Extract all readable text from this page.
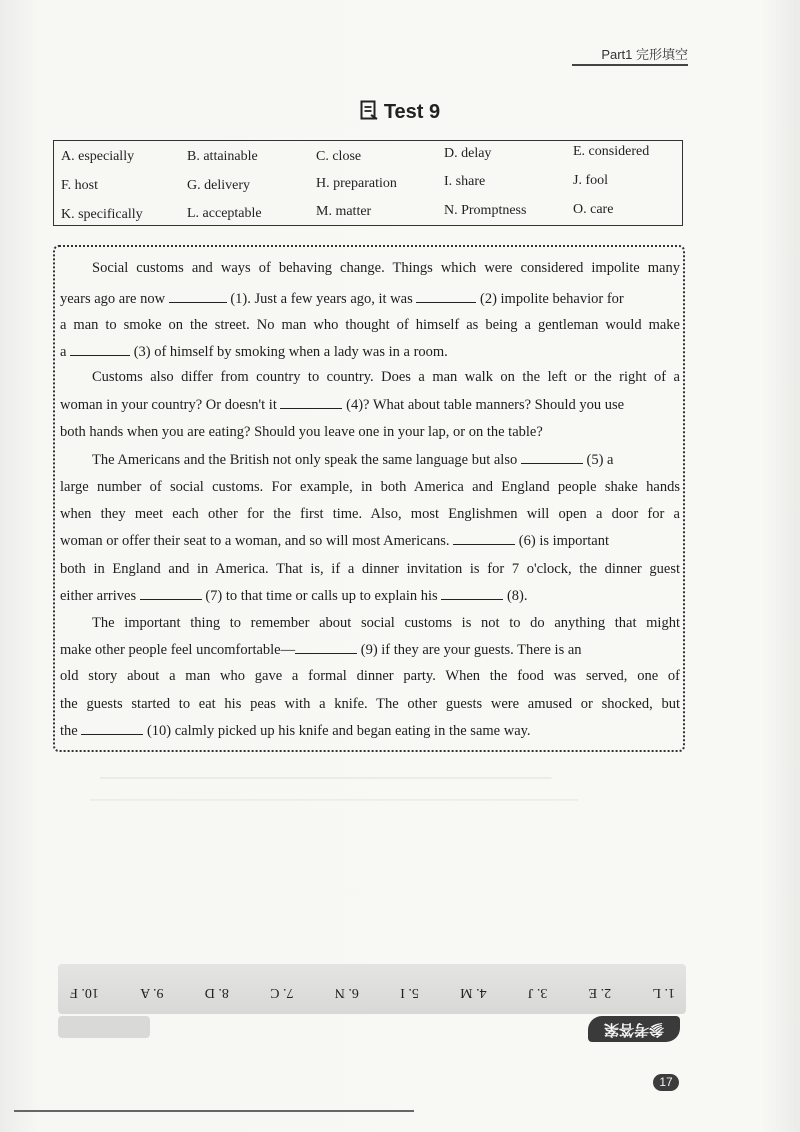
Part1 完形填空
Test 9
A. especially	B. attainable	C. close	D. delay	E. considered
F. host	G. delivery	H. preparation	I. share	J. fool
K. specifically	L. acceptable	M. matter	N. Promptness	O. care
Social customs and ways of behaving change. Things which were considered impolite many
years ago are now	(1). Just a few years ago, it was	(2) impolite behavior for
a man to smoke on the street. No man who thought of himself as being a gentleman would make
a	(3) of himself by smoking when a lady was in a room.
Customs also differ from country to country. Does a man walk on the left or the right of a
woman in your country? Or doesn't it	(4)? What about table manners? Should you use
both hands when you are eating? Should you leave one in your lap, or on the table?
The Americans and the British not only speak the same language but also	(5) a
large number of social customs. For example, in both America and England people shake hands
when they meet each other for the first time. Also, most Englishmen will open a door for a
woman or offer their seat to a woman, and so will most Americans.	(6) is important
both in England and in America. That is, if a dinner invitation is for 7 o'clock, the dinner guest
either arrives	(7) to that time or calls up to explain his	(8).
The important thing to remember about social customs is not to do anything that might
make other people feel uncomfortable—	(9) if they are your guests. There is an
old story about a man who gave a formal dinner party. When the food was served, one of
the guests started to eat his peas with a knife. The other guests were amused or shocked, but
the	(10) calmly picked up his knife and began eating in the same way.
─────────────────────────────────────────────────
─────────────────────────────────────────────────────
1. L
2. E
3. J
4. M
5. I
6. N
7. C
8. D
9. A
10. F
参考答案
17
